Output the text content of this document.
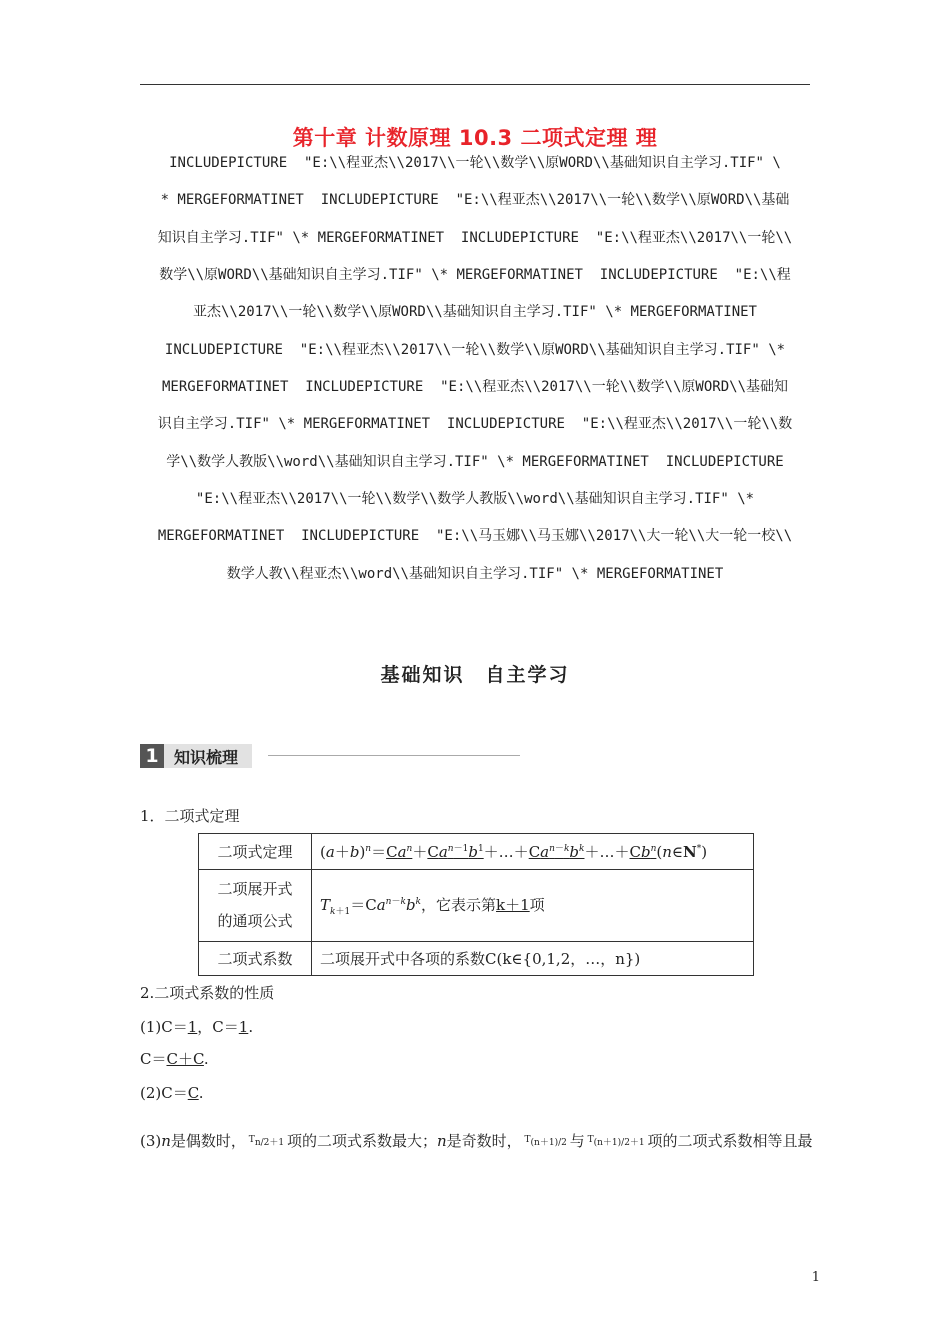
第十章 计数原理 10.3 二项式定理 理
INCLUDEPICTURE  "E:\\程亚杰\\2017\\一轮\\数学\\原WORD\\基础知识自主学习.TIF" \
* MERGEFORMATINET  INCLUDEPICTURE  "E:\\程亚杰\\2017\\一轮\\数学\\原WORD\\基础
知识自主学习.TIF" \* MERGEFORMATINET  INCLUDEPICTURE  "E:\\程亚杰\\2017\\一轮\\
数学\\原WORD\\基础知识自主学习.TIF" \* MERGEFORMATINET  INCLUDEPICTURE  "E:\\程
亚杰\\2017\\一轮\\数学\\原WORD\\基础知识自主学习.TIF" \* MERGEFORMATINET
INCLUDEPICTURE  "E:\\程亚杰\\2017\\一轮\\数学\\原WORD\\基础知识自主学习.TIF" \*
MERGEFORMATINET  INCLUDEPICTURE  "E:\\程亚杰\\2017\\一轮\\数学\\原WORD\\基础知
识自主学习.TIF" \* MERGEFORMATINET  INCLUDEPICTURE  "E:\\程亚杰\\2017\\一轮\\数
学\\数学人教版\\word\\基础知识自主学习.TIF" \* MERGEFORMATINET  INCLUDEPICTURE
"E:\\程亚杰\\2017\\一轮\\数学\\数学人教版\\word\\基础知识自主学习.TIF" \*
MERGEFORMATINET  INCLUDEPICTURE  "E:\\马玉娜\\马玉娜\\2017\\大一轮\\大一轮一校\\
数学人教\\程亚杰\\word\\基础知识自主学习.TIF" \* MERGEFORMATINET
基础知识　自主学习
1 知识梳理
1．二项式定理
二项式定理	$(a+b)^n=Ca^n+Ca^{n-1}b^1+\dots+Ca^{n-k}b^k+\dots+Cb^n(n\in N^*)$

二项展开式
的通项公式	$T_{k+1}=Ca^{n-k}b^k$，它表示第k＋1项
二项式系数	二项展开式中各项的系数C(k∈{0,1,2，…，n})
2.二项式系数的性质
(1)C＝1，C＝1.
C＝C＋C.
(2)C＝C.
(3)n是偶数时， $T_{n/2+1}$ 项的二项式系数最大；n是奇数时， $T_{(n+1)/2}$ 与 $T_{(n+1)/2+1}$ 项的二项式系数相等且最
1
